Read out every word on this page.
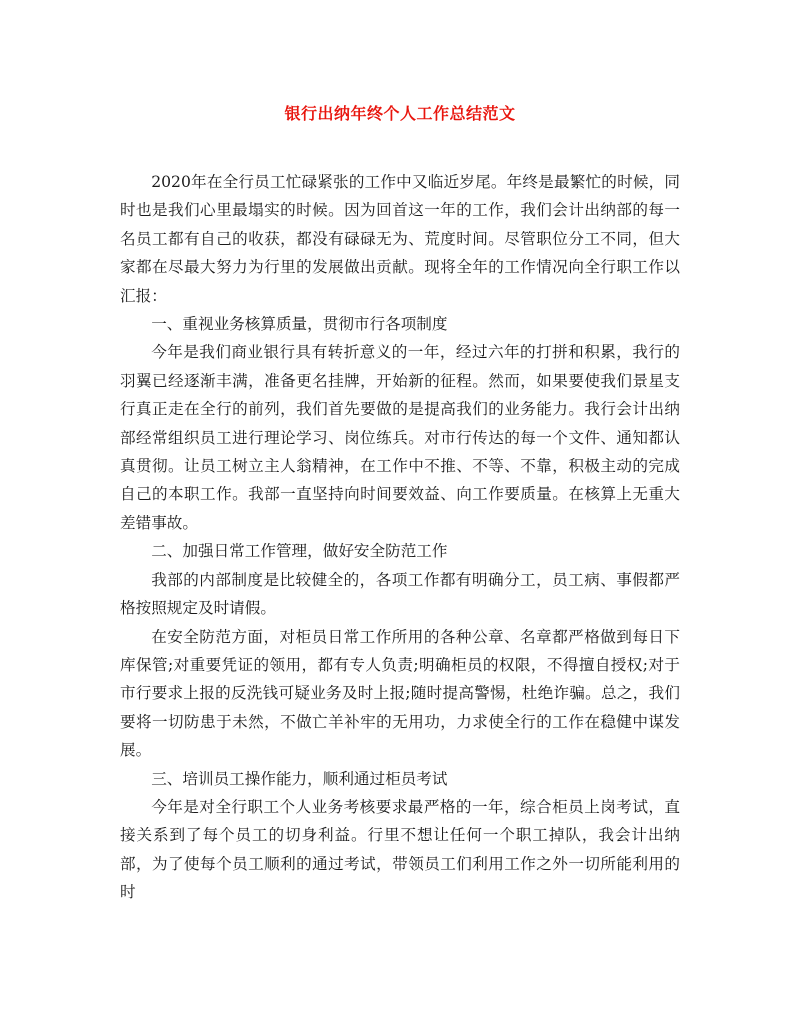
银行出纳年终个人工作总结范文

2020年在全行员工忙碌紧张的工作中又临近岁尾。年终是最繁忙的时候，同时也是我们心里最塌实的时候。因为回首这一年的工作，我们会计出纳部的每一名员工都有自己的收获，都没有碌碌无为、荒度时间。尽管职位分工不同，但大家都在尽最大努力为行里的发展做出贡献。现将全年的工作情况向全行职工作以汇报：

一、重视业务核算质量，贯彻市行各项制度

今年是我们商业银行具有转折意义的一年，经过六年的打拼和积累，我行的羽翼已经逐渐丰满，准备更名挂牌，开始新的征程。然而，如果要使我们景星支行真正走在全行的前列，我们首先要做的是提高我们的业务能力。我行会计出纳部经常组织员工进行理论学习、岗位练兵。对市行传达的每一个文件、通知都认真贯彻。让员工树立主人翁精神，在工作中不推、不等、不靠，积极主动的完成自己的本职工作。我部一直坚持向时间要效益、向工作要质量。在核算上无重大差错事故。

二、加强日常工作管理，做好安全防范工作

我部的内部制度是比较健全的，各项工作都有明确分工，员工病、事假都严格按照规定及时请假。

在安全防范方面，对柜员日常工作所用的各种公章、名章都严格做到每日下库保管;对重要凭证的领用，都有专人负责;明确柜员的权限，不得擅自授权;对于市行要求上报的反洗钱可疑业务及时上报;随时提高警惕，杜绝诈骗。总之，我们要将一切防患于未然，不做亡羊补牢的无用功，力求使全行的工作在稳健中谋发展。

三、培训员工操作能力，顺利通过柜员考试

今年是对全行职工个人业务考核要求最严格的一年，综合柜员上岗考试，直接关系到了每个员工的切身利益。行里不想让任何一个职工掉队，我会计出纳部，为了使每个员工顺利的通过考试，带领员工们利用工作之外一切所能利用的时
